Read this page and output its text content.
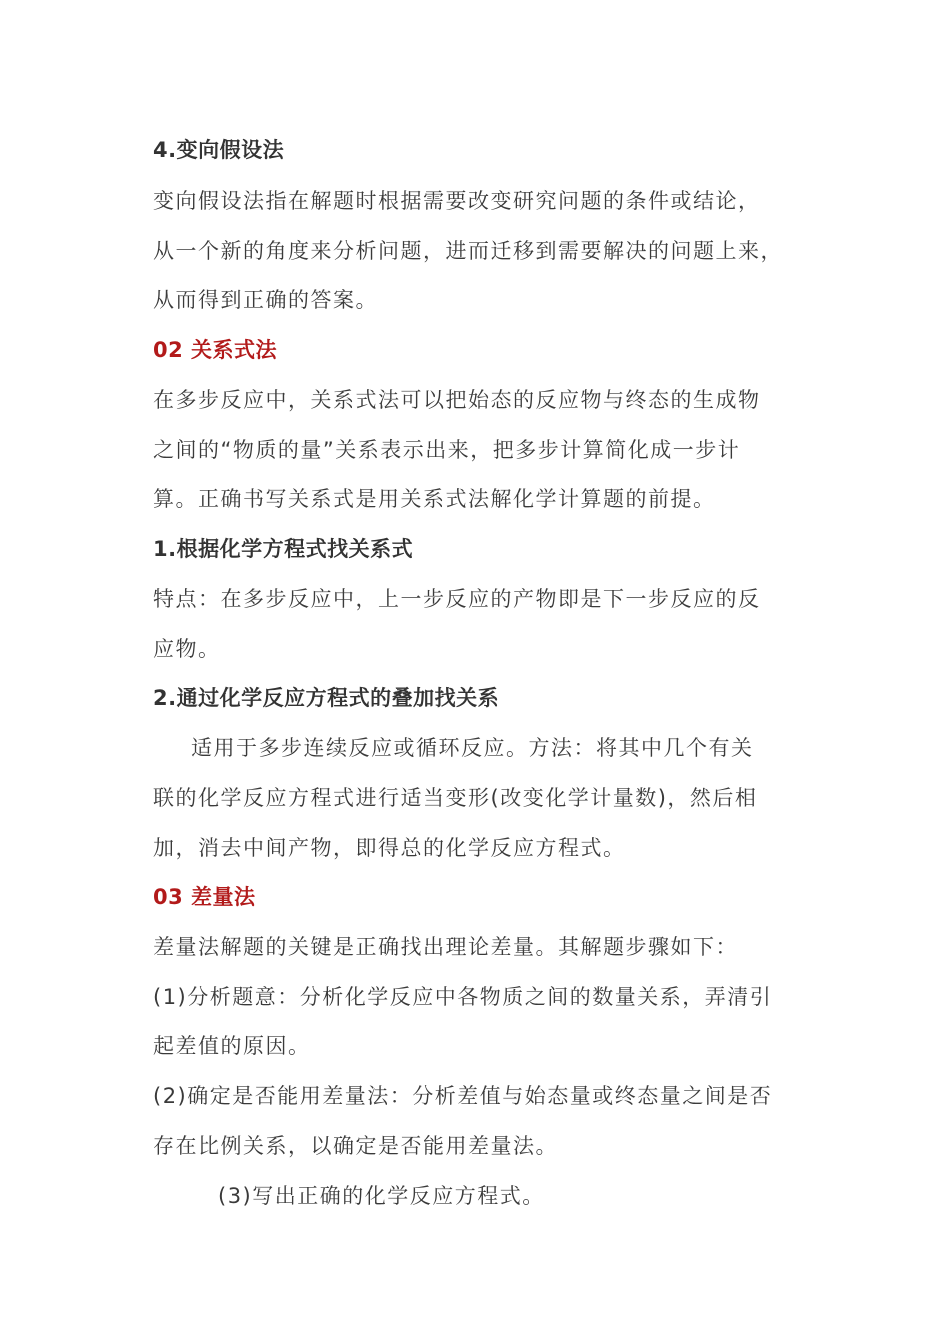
4.变向假设法
变向假设法指在解题时根据需要改变研究问题的条件或结论，
从一个新的角度来分析问题，进而迁移到需要解决的问题上来，
从而得到正确的答案。
02 关系式法
在多步反应中，关系式法可以把始态的反应物与终态的生成物
之间的“物质的量”关系表示出来，把多步计算简化成一步计
算。正确书写关系式是用关系式法解化学计算题的前提。
1.根据化学方程式找关系式
特点：在多步反应中，上一步反应的产物即是下一步反应的反
应物。
2.通过化学反应方程式的叠加找关系
适用于多步连续反应或循环反应。方法：将其中几个有关
联的化学反应方程式进行适当变形(改变化学计量数)，然后相
加，消去中间产物，即得总的化学反应方程式。
03 差量法
差量法解题的关键是正确找出理论差量。其解题步骤如下：
(1)分析题意：分析化学反应中各物质之间的数量关系，弄清引
起差值的原因。
(2)确定是否能用差量法：分析差值与始态量或终态量之间是否
存在比例关系，以确定是否能用差量法。
(3)写出正确的化学反应方程式。
